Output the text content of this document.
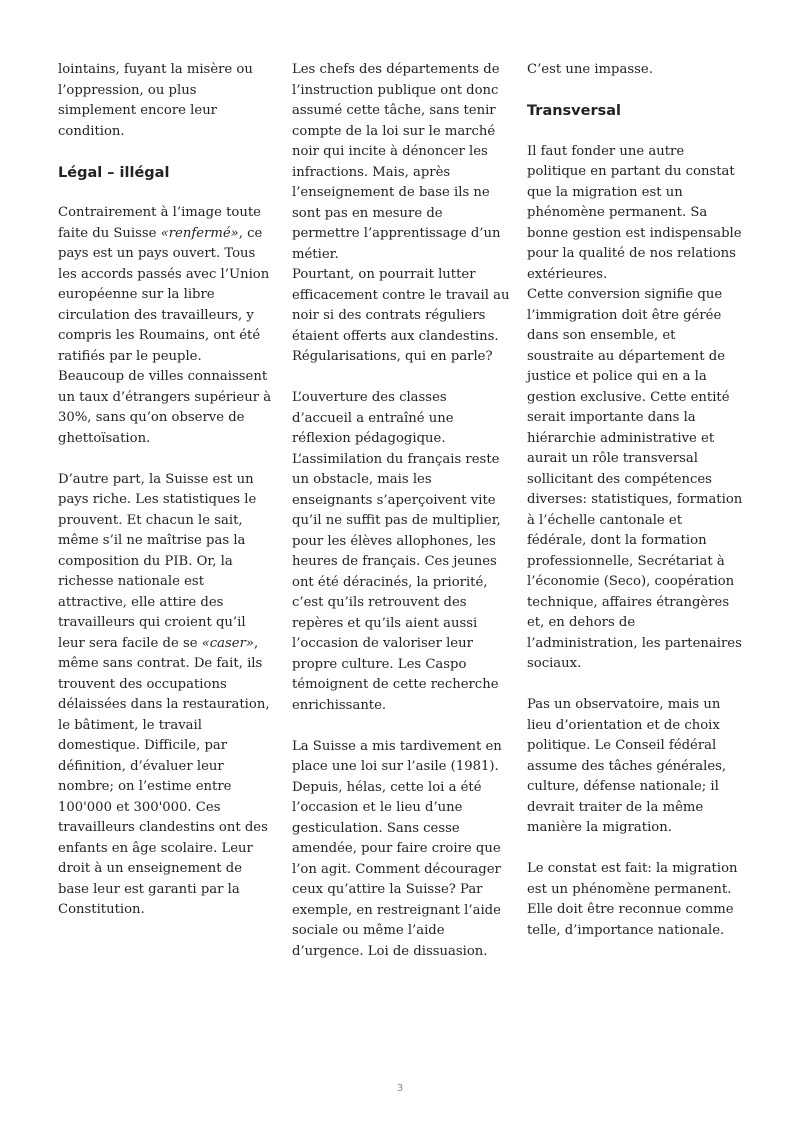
lointains, fuyant la misère ou l’oppression, ou plus simplement encore leur condition.

Légal – illégal

Contrairement à l’image toute faite du Suisse «renfermé», ce pays est un pays ouvert. Tous les accords passés avec l’Union européenne sur la libre circulation des travailleurs, y compris les Roumains, ont été ratifiés par le peuple.

Beaucoup de villes connaissent un taux d’étrangers supérieur à 30%, sans qu’on observe de ghettoïsation.

D’autre part, la Suisse est un pays riche. Les statistiques le prouvent. Et chacun le sait, même s’il ne maîtrise pas la composition du PIB. Or, la richesse nationale est attractive, elle attire des travailleurs qui croient qu’il leur sera facile de se «caser», même sans contrat. De fait, ils trouvent des occupations délaissées dans la restauration, le bâtiment, le travail domestique. Difficile, par définition, d’évaluer leur nombre; on l’estime entre 100'000 et 300'000. Ces travailleurs clandestins ont des enfants en âge scolaire. Leur droit à un enseignement de base leur est garanti par la Constitution.

Les chefs des départements de l’instruction publique ont donc assumé cette tâche, sans tenir compte de la loi sur le marché noir qui incite à dénoncer les infractions. Mais, après l’enseignement de base ils ne sont pas en mesure de permettre l’apprentissage d’un métier.

Pourtant, on pourrait lutter efficacement contre le travail au noir si des contrats réguliers étaient offerts aux clandestins. Régularisations, qui en parle?

L’ouverture des classes d’accueil a entraîné une réflexion pédagogique.

L’assimilation du français reste un obstacle, mais les enseignants s’aperçoivent vite qu’il ne suffit pas de multiplier, pour les élèves allophones, les heures de français. Ces jeunes ont été déracinés, la priorité, c’est qu’ils retrouvent des repères et qu’ils aient aussi l’occasion de valoriser leur propre culture. Les Caspo témoignent de cette recherche enrichissante.

La Suisse a mis tardivement en place une loi sur l’asile (1981). Depuis, hélas, cette loi a été l’occasion et le lieu d’une gesticulation. Sans cesse amendée, pour faire croire que l’on agit. Comment décourager ceux qu’attire la Suisse? Par exemple, en restreignant l’aide sociale ou même l’aide d’urgence. Loi de dissuasion.

C’est une impasse.

Transversal

Il faut fonder une autre politique en partant du constat que la migration est un phénomène permanent. Sa bonne gestion est indispensable pour la qualité de nos relations extérieures.

Cette conversion signifie que l’immigration doit être gérée dans son ensemble, et soustraite au département de justice et police qui en a la gestion exclusive. Cette entité serait importante dans la hiérarchie administrative et aurait un rôle transversal sollicitant des compétences diverses: statistiques, formation à l’échelle cantonale et fédérale, dont la formation professionnelle, Secrétariat à l’économie (Seco), coopération technique, affaires étrangères et, en dehors de l’administration, les partenaires sociaux.

Pas un observatoire, mais un lieu d’orientation et de choix politique. Le Conseil fédéral assume des tâches générales, culture, défense nationale; il devrait traiter de la même manière la migration.

Le constat est fait: la migration est un phénomène permanent. Elle doit être reconnue comme telle, d’importance nationale.

3
